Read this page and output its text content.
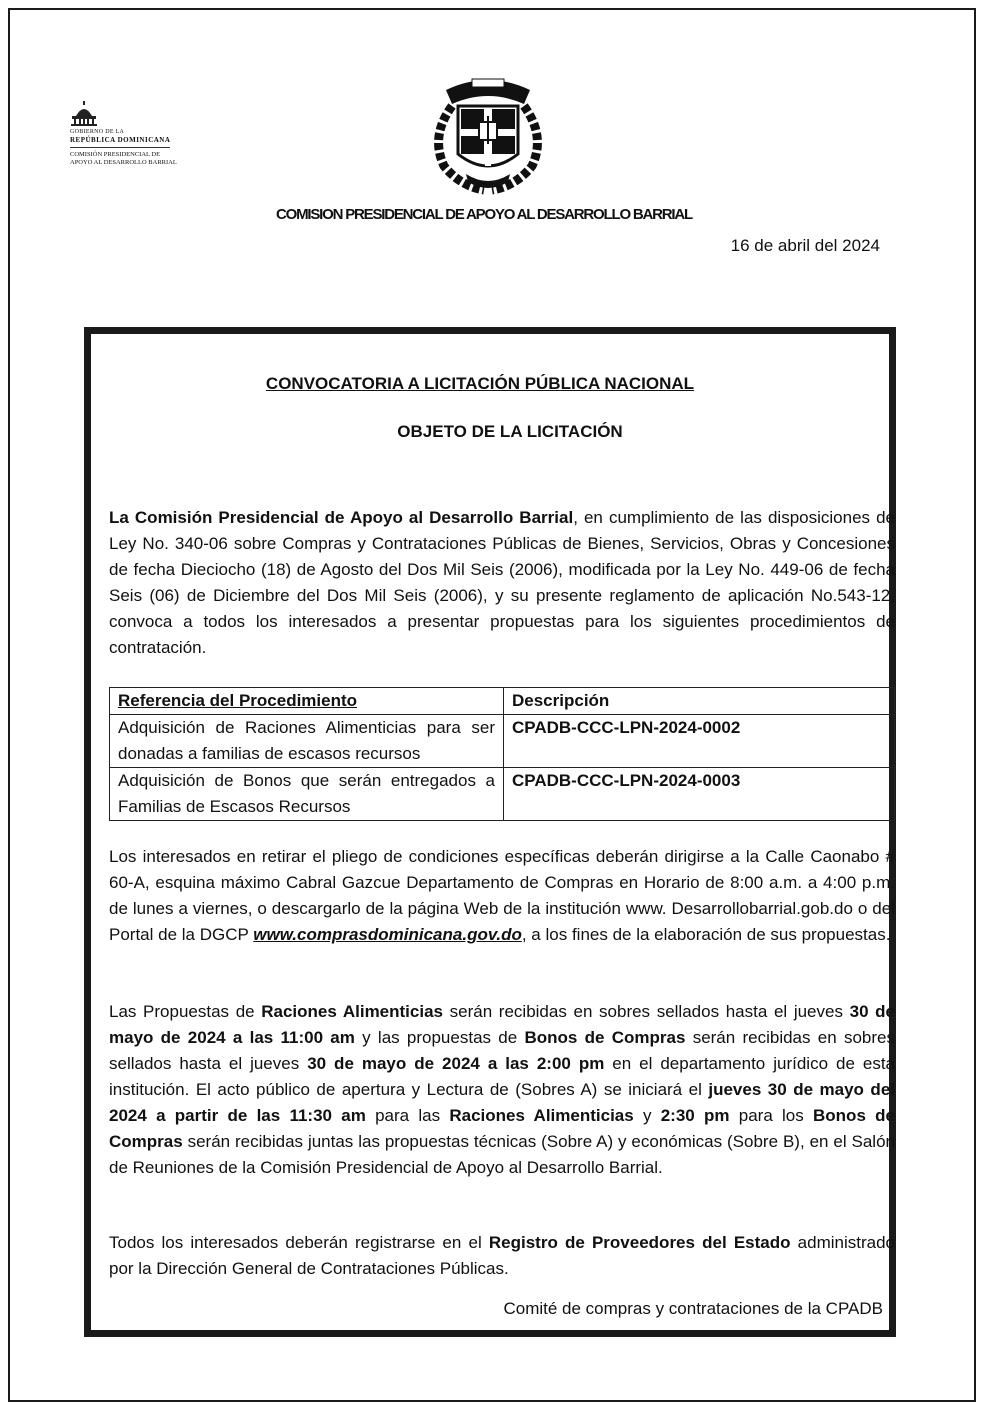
GOBIERNO DE LA
REPÚBLICA DOMINICANA
COMISIÓN PRESIDENCIAL DE
APOYO AL DESARROLLO BARRIAL
COMISION PRESIDENCIAL DE APOYO AL DESARROLLO BARRIAL
16 de abril del 2024
CONVOCATORIA A LICITACIÓN PÚBLICA NACIONAL
OBJETO DE LA LICITACIÓN

La Comisión Presidencial de Apoyo al Desarrollo Barrial, en cumplimiento de las disposiciones de Ley No. 340-06 sobre Compras y Contrataciones Públicas de Bienes, Servicios, Obras y Concesiones de fecha Dieciocho (18) de Agosto del Dos Mil Seis (2006), modificada por la Ley No. 449-06 de fecha Seis (06) de Diciembre del Dos Mil Seis (2006), y su presente reglamento de aplicación No.543-12, convoca a todos los interesados a presentar propuestas para los siguientes procedimientos de contratación.

Referencia del Procedimiento	Descripción
Adquisición de Raciones Alimenticias para ser donadas a familias de escasos recursos	CPADB-CCC-LPN-2024-0002
Adquisición de Bonos que serán entregados a Familias de Escasos Recursos	CPADB-CCC-LPN-2024-0003

Los interesados en retirar el pliego de condiciones específicas deberán dirigirse a la Calle Caonabo # 60-A, esquina máximo Cabral Gazcue Departamento de Compras en Horario de 8:00 a.m. a 4:00 p.m. de lunes a viernes, o descargarlo de la página Web de la institución www. Desarrollobarrial.gob.do o del Portal de la DGCP www.comprasdominicana.gov.do, a los fines de la elaboración de sus propuestas.

Las Propuestas de Raciones Alimenticias serán recibidas en sobres sellados hasta el jueves 30 de mayo de 2024 a las 11:00 am y las propuestas de Bonos de Compras serán recibidas en sobres sellados hasta el jueves 30 de mayo de 2024 a las 2:00 pm en el departamento jurídico de esta institución. El acto público de apertura y Lectura de (Sobres A) se iniciará el jueves 30 de mayo del 2024 a partir de las 11:30 am para las Raciones Alimenticias y 2:30 pm para los Bonos de Compras serán recibidas juntas las propuestas técnicas (Sobre A) y económicas (Sobre B), en el Salón de Reuniones de la Comisión Presidencial de Apoyo al Desarrollo Barrial.

Todos los interesados deberán registrarse en el Registro de Proveedores del Estado administrado por la Dirección General de Contrataciones Públicas.

Comité de compras y contrataciones de la CPADB
